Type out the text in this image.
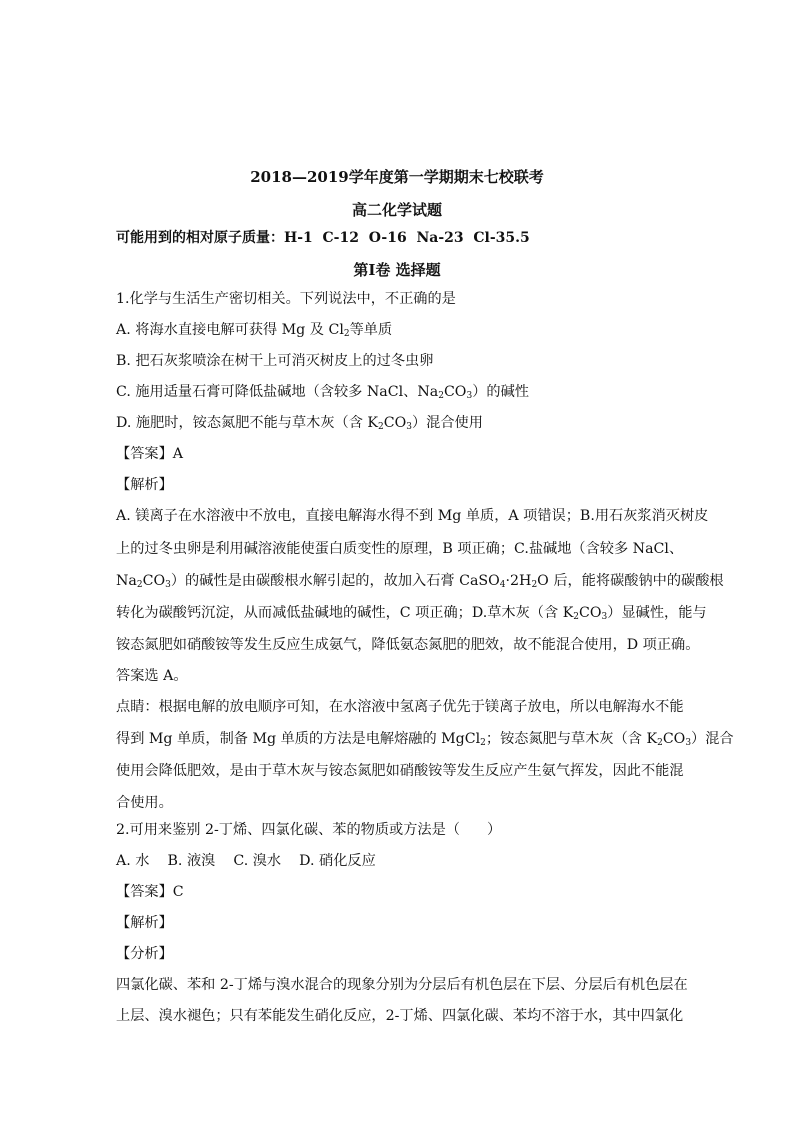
2018—2019学年度第一学期期末七校联考
高二化学试题
可能用到的相对原子质量：H-1  C-12  O-16  Na-23  Cl-35.5
第Ⅰ卷 选择题
1.化学与生活生产密切相关。下列说法中，不正确的是
A. 将海水直接电解可获得 Mg 及 $Cl_2$等单质
B. 把石灰浆喷涂在树干上可消灭树皮上的过冬虫卵
C. 施用适量石膏可降低盐碱地（含较多 NaCl、$Na_2CO_3$）的碱性
D. 施肥时，铵态氮肥不能与草木灰（含 $K_2CO_3$）混合使用
【答案】A
【解析】
A. 镁离子在水溶液中不放电，直接电解海水得不到 Mg 单质，A 项错误；B.用石灰浆消灭树皮
上的过冬虫卵是利用碱溶液能使蛋白质变性的原理，B 项正确；C.盐碱地（含较多 NaCl、
$Na_2CO_3$）的碱性是由碳酸根水解引起的，故加入石膏 $CaSO_4\cdot 2H_2O$ 后，能将碳酸钠中的碳酸根
转化为碳酸钙沉淀，从而减低盐碱地的碱性，C 项正确；D.草木灰（含 $K_2CO_3$）显碱性，能与
铵态氮肥如硝酸铵等发生反应生成氨气，降低氨态氮肥的肥效，故不能混合使用，D 项正确。
答案选 A。
点睛：根据电解的放电顺序可知，在水溶液中氢离子优先于镁离子放电，所以电解海水不能
得到 Mg 单质，制备 Mg 单质的方法是电解熔融的 MgCl$_2$；铵态氮肥与草木灰（含 $K_2CO_3$）混合
使用会降低肥效，是由于草木灰与铵态氮肥如硝酸铵等发生反应产生氨气挥发，因此不能混
合使用。
2.可用来鉴别 2-丁烯、四氯化碳、苯的物质或方法是（      ）
A. 水    B. 液溴    C. 溴水    D. 硝化反应
【答案】C
【解析】
【分析】
四氯化碳、苯和 2-丁烯与溴水混合的现象分别为分层后有机色层在下层、分层后有机色层在
上层、溴水褪色；只有苯能发生硝化反应，2-丁烯、四氯化碳、苯均不溶于水，其中四氯化
